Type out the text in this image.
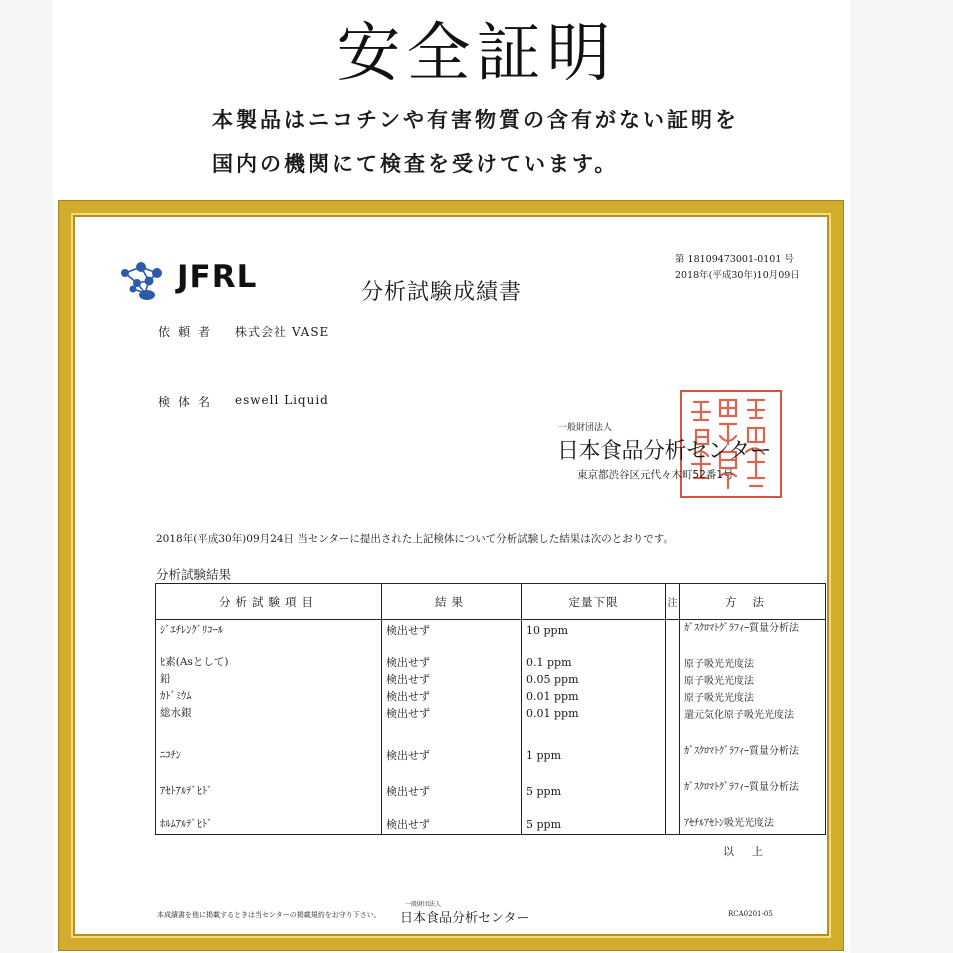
安全証明
本製品はニコチンや有害物質の含有がない証明を
国内の機関にて検査を受けています。
JFRL	分析試験成績書
第 18109473001-0101 号
2018年(平成30年)10月09日
依頼者 株式会社 VASE
検体名 eswell Liquid
一般財団法人
日本食品分析センター
東京都渋谷区元代々木町52番1号
2018年(平成30年)09月24日 当センターに提出された上記検体について分析試験した結果は次のとおりです。
分析試験結果
分析試験項目	結果	定量下限	注	方法
ｼﾞｴﾁﾚﾝｸﾞﾘｺｰﾙ	検出せず	10 ppm		ｶﾞｽｸﾛﾏﾄｸﾞﾗﾌｨｰ質量分析法
ﾋ素(Asとして)	検出せず	0.1 ppm		原子吸光光度法
鉛	検出せず	0.05 ppm		原子吸光光度法
ｶﾄﾞﾐｳﾑ	検出せず	0.01 ppm		原子吸光光度法
総水銀	検出せず	0.01 ppm		還元気化原子吸光光度法
ﾆｺﾁﾝ	検出せず	1 ppm		ｶﾞｽｸﾛﾏﾄｸﾞﾗﾌｨｰ質量分析法
ｱｾﾄｱﾙﾃﾞﾋﾄﾞ	検出せず	5 ppm		ｶﾞｽｸﾛﾏﾄｸﾞﾗﾌｨｰ質量分析法
ﾎﾙﾑｱﾙﾃﾞﾋﾄﾞ	検出せず	5 ppm		ｱｾﾁﾙｱｾﾄﾝ吸光光度法
以上
本成績書を他に掲載するときは当センターの掲載規約をお守り下さい。
一般財団法人
日本食品分析センター	RCA0201-05
